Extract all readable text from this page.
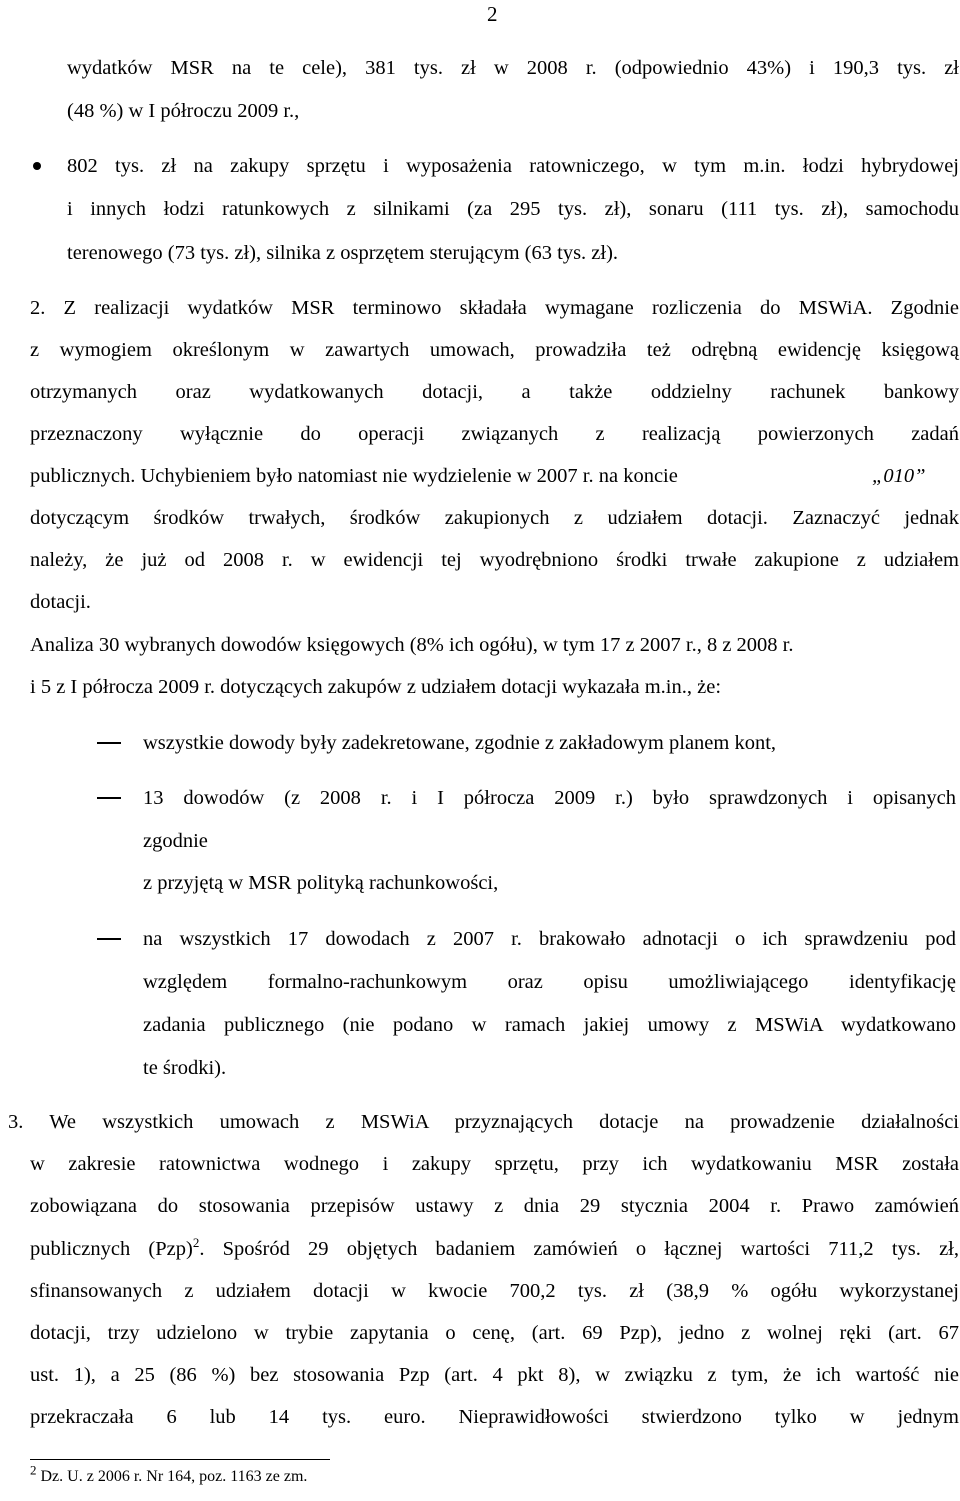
2
wydatków MSR na te cele), 381 tys. zł w 2008 r. (odpowiednio 43%) i 190,3 tys. zł
(48 %) w I półroczu 2009 r.,
802 tys. zł na zakupy sprzętu i wyposażenia ratowniczego, w tym m.in. łodzi hybrydowej
i innych łodzi ratunkowych z silnikami (za 295 tys. zł), sonaru (111 tys. zł), samochodu
terenowego (73 tys. zł), silnika z osprzętem sterującym (63 tys. zł).
2. Z realizacji wydatków MSR terminowo składała wymagane rozliczenia do MSWiA. Zgodnie
z wymogiem określonym w zawartych umowach, prowadziła też odrębną ewidencję księgową
otrzymanych oraz wydatkowanych dotacji, a także oddzielny rachunek bankowy
przeznaczony wyłącznie do operacji związanych z realizacją powierzonych zadań
publicznych. Uchybieniem było natomiast nie wydzielenie w 2007 r. na koncie	„010”
dotyczącym środków trwałych, środków zakupionych z udziałem dotacji. Zaznaczyć jednak
należy, że już od 2008 r. w ewidencji tej wyodrębniono środki trwałe zakupione z udziałem
dotacji.
Analiza 30 wybranych dowodów księgowych (8% ich ogółu), w tym 17 z 2007 r., 8 z 2008 r.
i 5 z I półrocza 2009 r. dotyczących zakupów z udziałem dotacji wykazała m.in., że:
wszystkie dowody były zadekretowane, zgodnie z zakładowym planem kont,
13 dowodów (z 2008 r. i I półrocza 2009 r.) było sprawdzonych i opisanych
zgodnie
z przyjętą w MSR polityką rachunkowości,
na wszystkich 17 dowodach z 2007 r. brakowało adnotacji o ich sprawdzeniu pod
względem formalno-rachunkowym oraz opisu umożliwiającego identyfikację
zadania publicznego (nie podano w ramach jakiej umowy z MSWiA wydatkowano
te środki).
3. We wszystkich umowach z MSWiA przyznających dotacje na prowadzenie działalności
w zakresie ratownictwa wodnego i zakupy sprzętu, przy ich wydatkowaniu MSR została
zobowiązana do stosowania przepisów ustawy z dnia 29 stycznia 2004 r. Prawo zamówień
publicznych (Pzp)$^2$. Spośród 29 objętych badaniem zamówień o łącznej wartości 711,2 tys. zł,
sfinansowanych z udziałem dotacji w kwocie 700,2 tys. zł (38,9 % ogółu wykorzystanej
dotacji, trzy udzielono w trybie zapytania o cenę, (art. 69 Pzp), jedno z wolnej ręki (art. 67
ust. 1), a 25 (86 %) bez stosowania Pzp (art. 4 pkt 8), w związku z tym, że ich wartość nie
przekraczała 6 lub 14 tys. euro. Nieprawidłowości stwierdzono tylko w jednym
$^2$ Dz. U. z 2006 r. Nr 164, poz. 1163 ze zm.
